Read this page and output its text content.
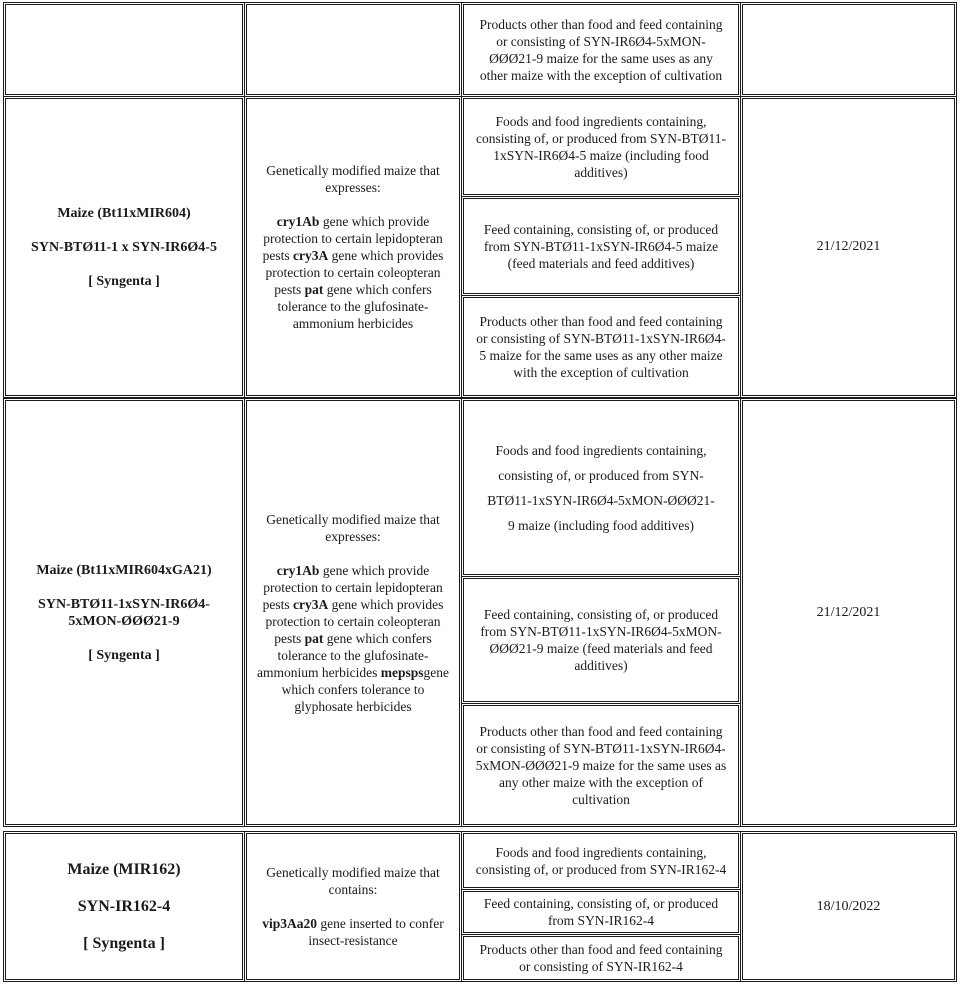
Products other than food and feed containing or consisting of SYN-IR6Ø4-5xMON-ØØØ21-9 maize for the same uses as any other maize with the exception of cultivation
Maize (Bt11xMIR604)
SYN-BTØ11-1 x SYN-IR6Ø4-5
[ Syngenta ]

Genetically modified maize that expresses:

cry1Ab gene which provide protection to certain lepidopteran pests cry3A gene which provides protection to certain coleopteran pests pat gene which confers tolerance to the glufosinate-ammonium herbicides

Foods and food ingredients containing, consisting of, or produced from SYN-BTØ11-1xSYN-IR6Ø4-5 maize (including food additives)
Feed containing, consisting of, or produced from SYN-BTØ11-1xSYN-IR6Ø4-5 maize (feed materials and feed additives)
Products other than food and feed containing or consisting of SYN-BTØ11-1xSYN-IR6Ø4-5 maize for the same uses as any other maize with the exception of cultivation
21/12/2021
Maize (Bt11xMIR604xGA21)
SYN-BTØ11-1xSYN-IR6Ø4-5xMON-ØØØ21-9
[ Syngenta ]

Genetically modified maize that expresses:

cry1Ab gene which provide protection to certain lepidopteran pests cry3A gene which provides protection to certain coleopteran pests pat gene which confers tolerance to the glufosinate-ammonium herbicides mepspsgene which confers tolerance to glyphosate herbicides

Foods and food ingredients containing, consisting of, or produced from SYN-BTØ11-1xSYN-IR6Ø4-5xMON-ØØØ21-9 maize (including food additives)
Feed containing, consisting of, or produced from SYN-BTØ11-1xSYN-IR6Ø4-5xMON-ØØØ21-9 maize (feed materials and feed additives)
Products other than food and feed containing or consisting of SYN-BTØ11-1xSYN-IR6Ø4-5xMON-ØØØ21-9 maize for the same uses as any other maize with the exception of cultivation
21/12/2021
Maize (MIR162)
SYN-IR162-4
[ Syngenta ]

Genetically modified maize that contains:

vip3Aa20 gene inserted to confer insect-resistance

Foods and food ingredients containing, consisting of, or produced from SYN-IR162-4
Feed containing, consisting of, or produced from SYN-IR162-4
Products other than food and feed containing or consisting of SYN-IR162-4
18/10/2022
